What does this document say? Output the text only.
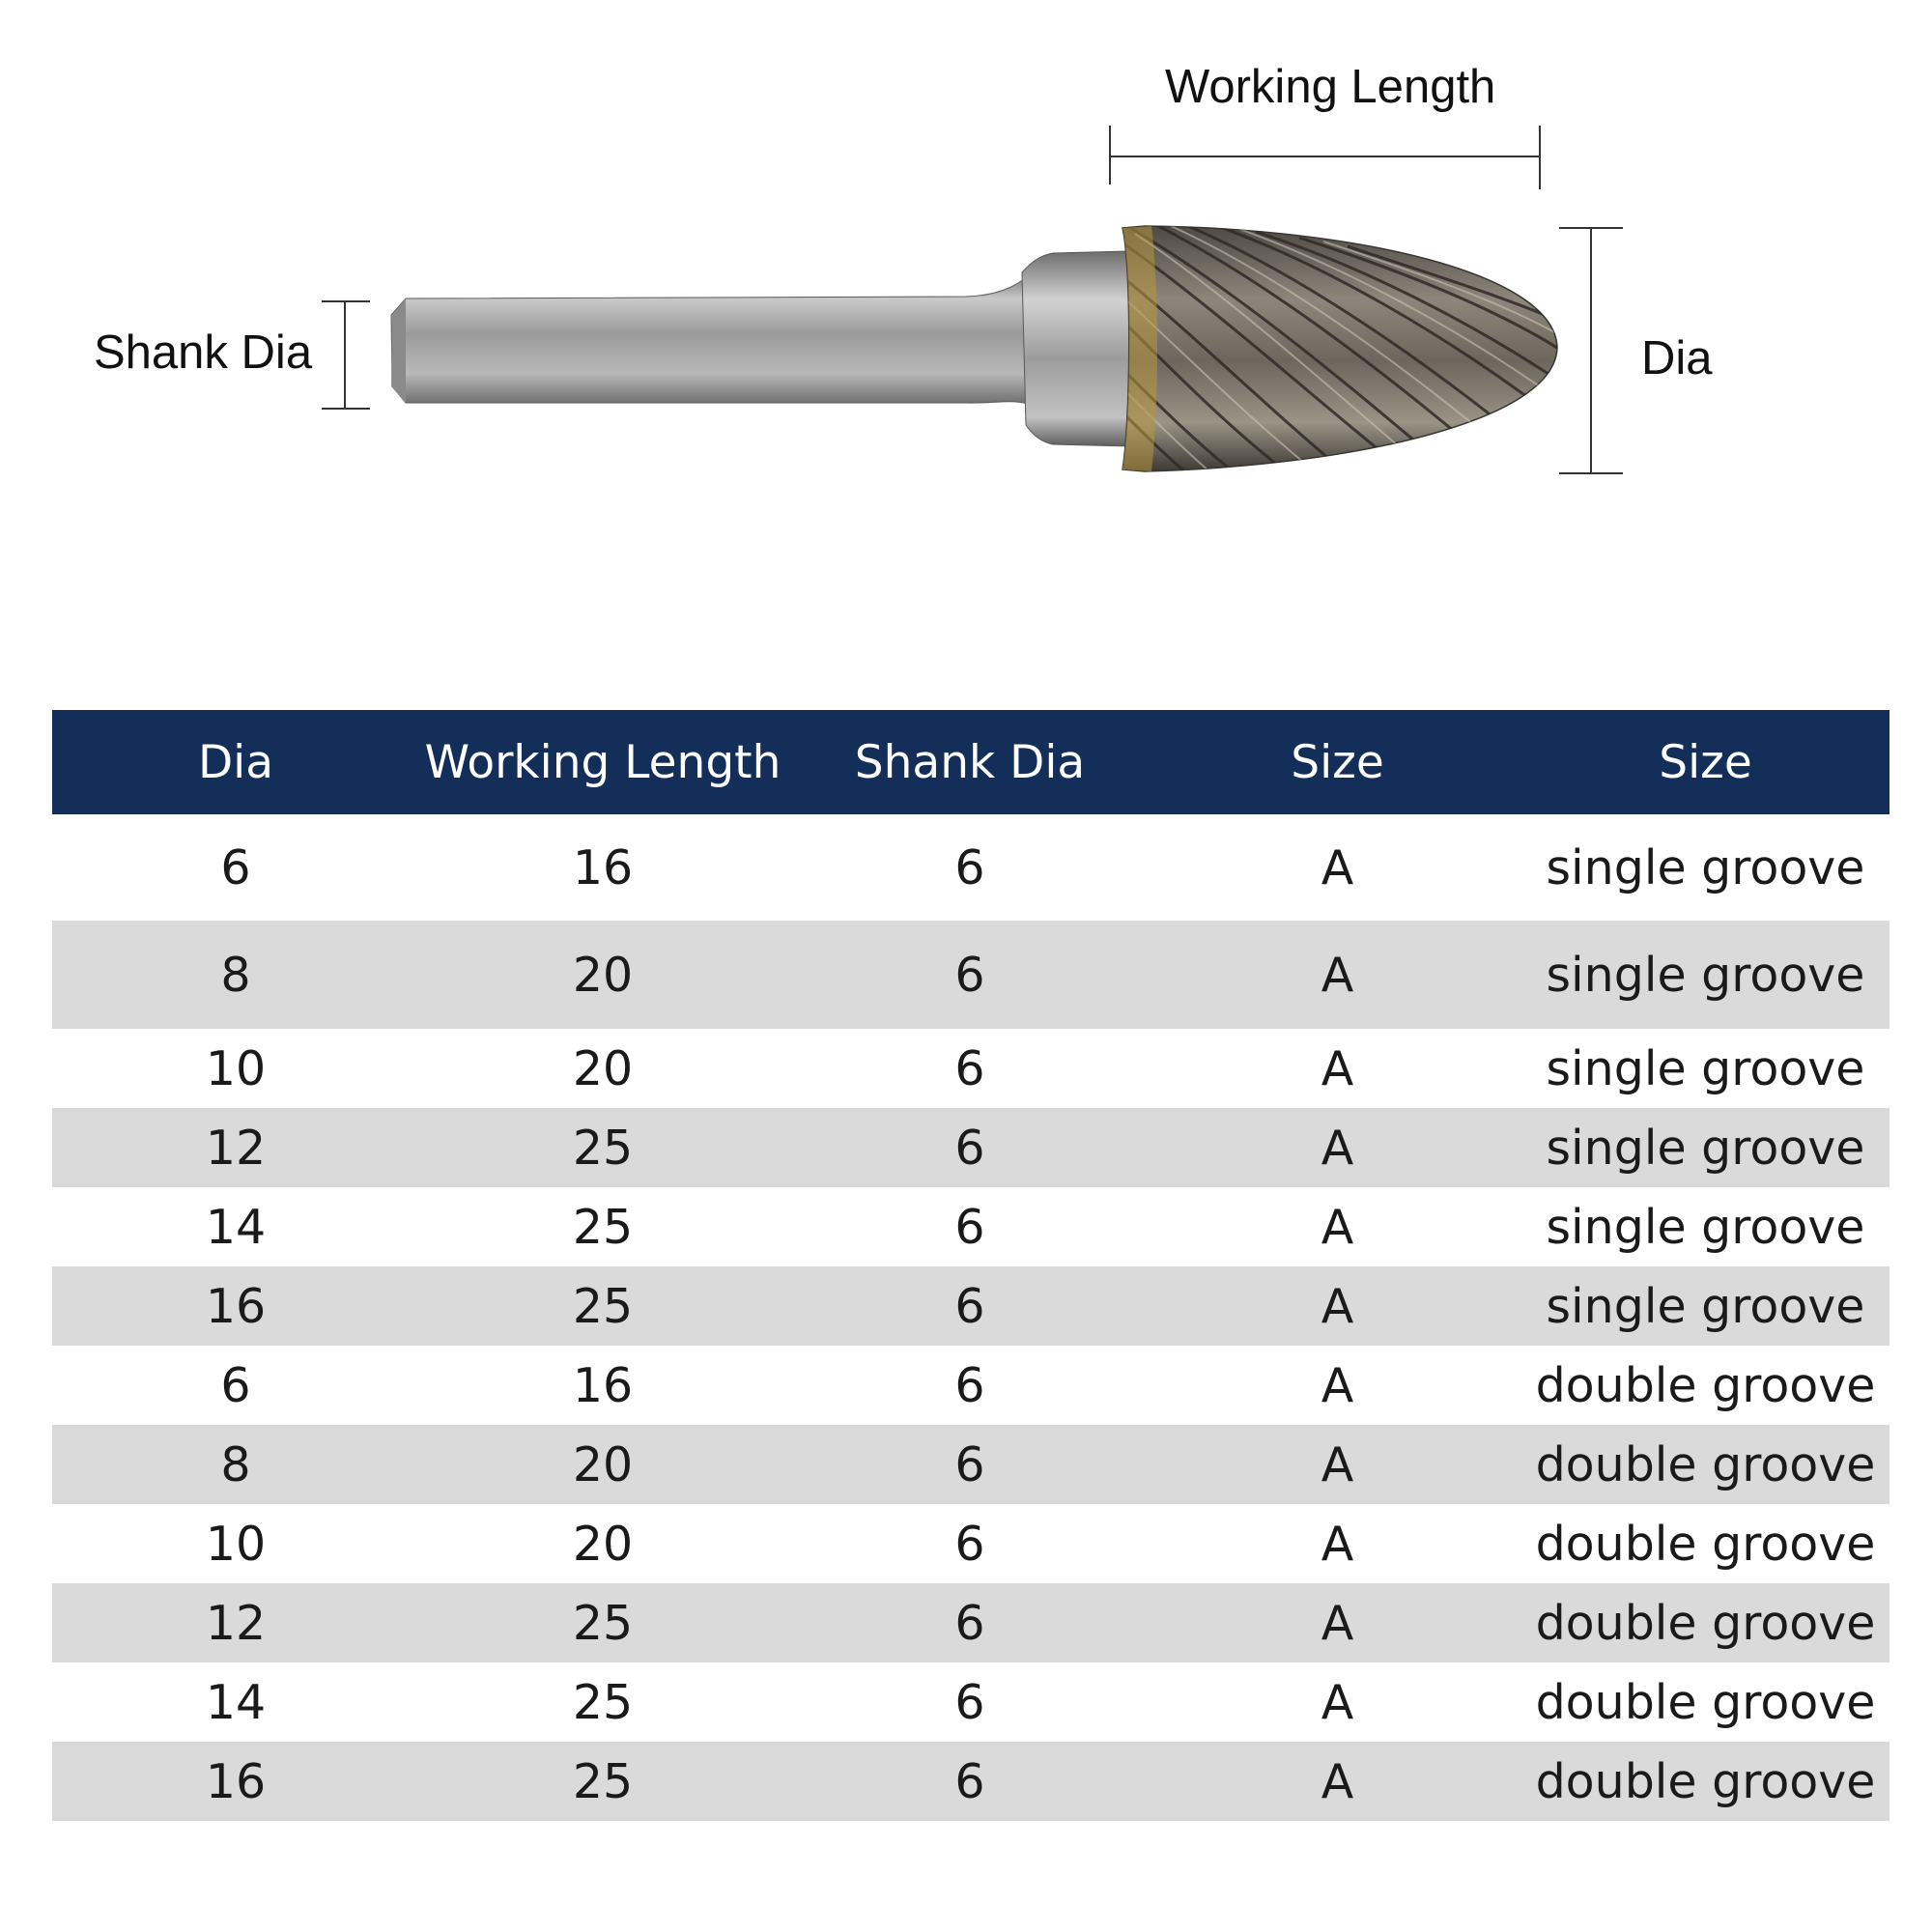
Working Length
Shank Dia	Dia
Dia	Working Length	Shank Dia	Size	Size
6	16	6	A	single groove
8	20	6	A	single groove
10	20	6	A	single groove
12	25	6	A	single groove
14	25	6	A	single groove
16	25	6	A	single groove
6	16	6	A	double groove
8	20	6	A	double groove
10	20	6	A	double groove
12	25	6	A	double groove
14	25	6	A	double groove
16	25	6	A	double groove
